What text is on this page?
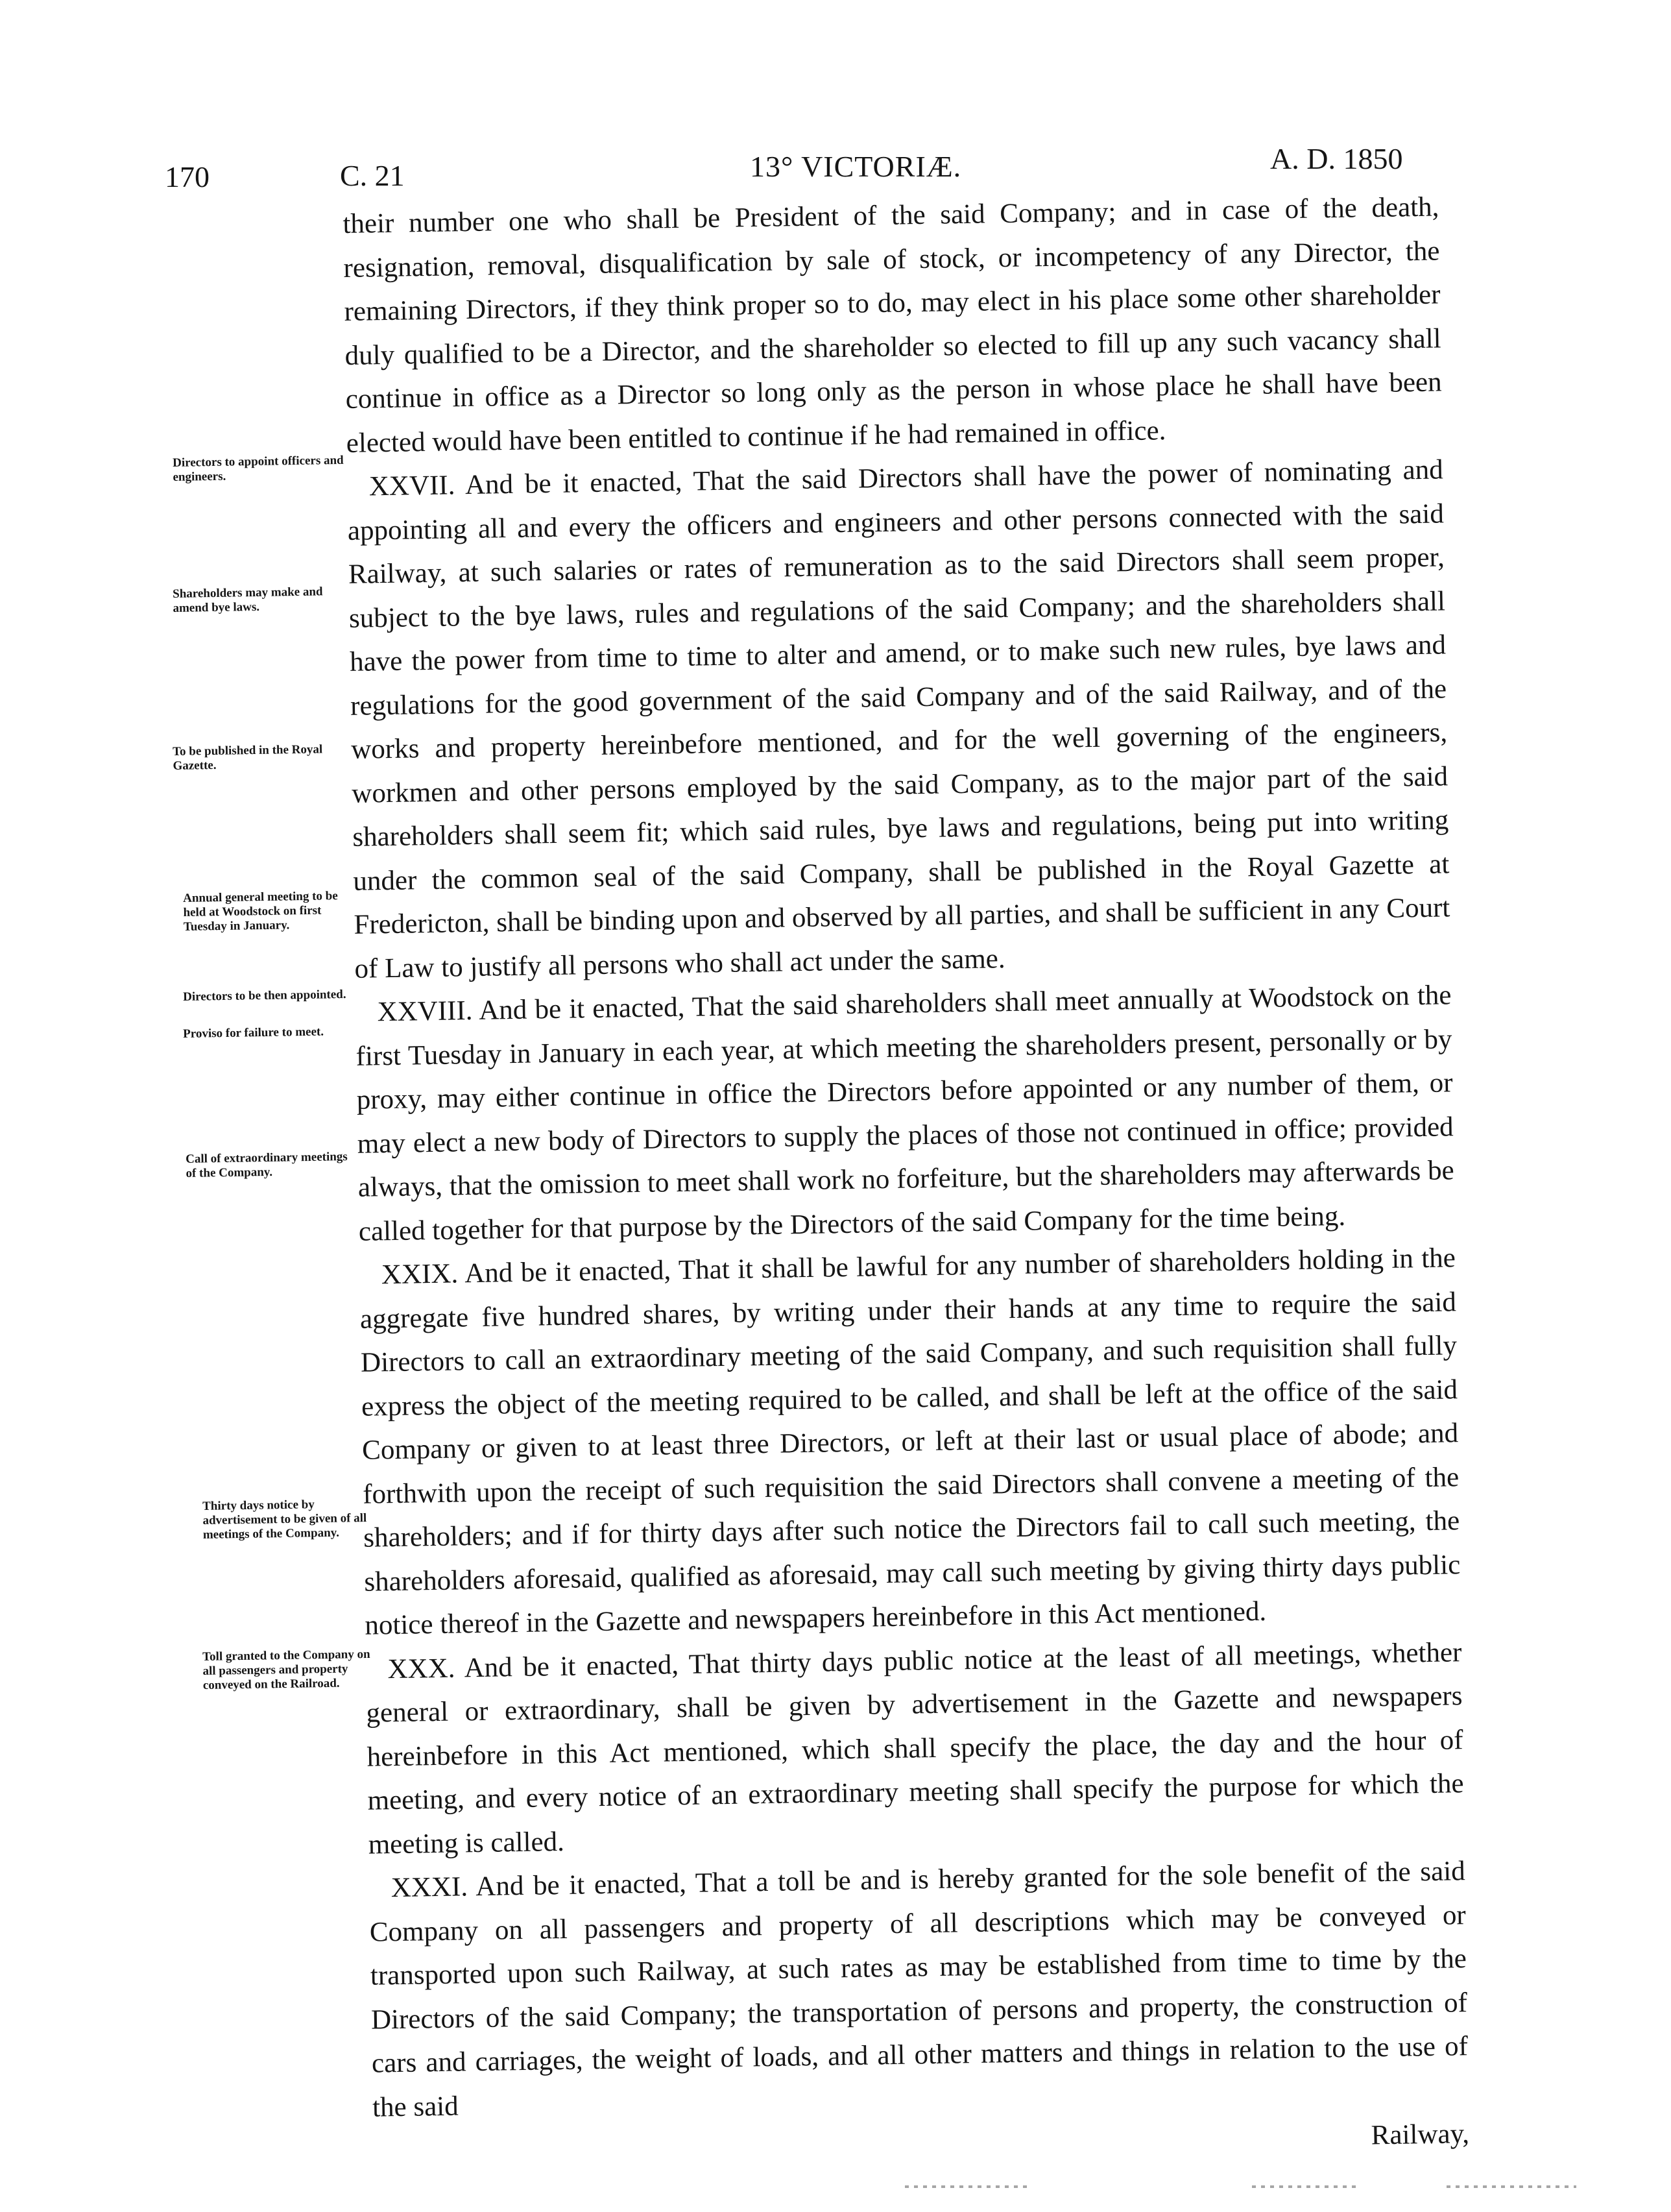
170	C. 21	13° VICTORIÆ.	A. D. 1850
Directors to appoint officers and engineers.
Shareholders may make and amend bye laws.
To be published in the Royal Gazette.
Annual general meeting to be held at Woodstock on first Tuesday in January.
Directors to be then appointed.
Proviso for failure to meet.
Call of extraordinary meetings of the Company.
Thirty days notice by advertisement to be given of all meetings of the Company.
Toll granted to the Company on all passengers and property conveyed on the Railroad.

their number one who shall be President of the said Company; and in case of the death, resignation, removal, disqualification by sale of stock, or incompetency of any Director, the remaining Directors, if they think proper so to do, may elect in his place some other shareholder duly qualified to be a Director, and the shareholder so elected to fill up any such vacancy shall continue in office as a Director so long only as the person in whose place he shall have been elected would have been entitled to continue if he had remained in office.

XXVII. And be it enacted, That the said Directors shall have the power of nominating and appointing all and every the officers and engineers and other persons connected with the said Railway, at such salaries or rates of remuneration as to the said Directors shall seem proper, subject to the bye laws, rules and regulations of the said Company; and the shareholders shall have the power from time to time to alter and amend, or to make such new rules, bye laws and regulations for the good government of the said Company and of the said Railway, and of the works and property hereinbefore mentioned, and for the well governing of the engineers, workmen and other persons employed by the said Company, as to the major part of the said shareholders shall seem fit; which said rules, bye laws and regulations, being put into writing under the common seal of the said Company, shall be published in the Royal Gazette at Fredericton, shall be binding upon and observed by all parties, and shall be sufficient in any Court of Law to justify all persons who shall act under the same.

XXVIII. And be it enacted, That the said shareholders shall meet annually at Woodstock on the first Tuesday in January in each year, at which meeting the shareholders present, personally or by proxy, may either continue in office the Directors before appointed or any number of them, or may elect a new body of Directors to supply the places of those not continued in office; provided always, that the omission to meet shall work no forfeiture, but the shareholders may afterwards be called together for that purpose by the Directors of the said Company for the time being.

XXIX. And be it enacted, That it shall be lawful for any number of shareholders holding in the aggregate five hundred shares, by writing under their hands at any time to require the said Directors to call an extraordinary meeting of the said Company, and such requisition shall fully express the object of the meeting required to be called, and shall be left at the office of the said Company or given to at least three Directors, or left at their last or usual place of abode; and forthwith upon the receipt of such requisition the said Directors shall convene a meeting of the shareholders; and if for thirty days after such notice the Directors fail to call such meeting, the shareholders aforesaid, qualified as aforesaid, may call such meeting by giving thirty days public notice thereof in the Gazette and newspapers hereinbefore in this Act mentioned.

XXX. And be it enacted, That thirty days public notice at the least of all meetings, whether general or extraordinary, shall be given by advertisement in the Gazette and newspapers hereinbefore in this Act mentioned, which shall specify the place, the day and the hour of meeting, and every notice of an extraordinary meeting shall specify the purpose for which the meeting is called.

XXXI. And be it enacted, That a toll be and is hereby granted for the sole benefit of the said Company on all passengers and property of all descriptions which may be conveyed or transported upon such Railway, at such rates as may be established from time to time by the Directors of the said Company; the transportation of persons and property, the construction of cars and carriages, the weight of loads, and all other matters and things in relation to the use of the said

Railway,
